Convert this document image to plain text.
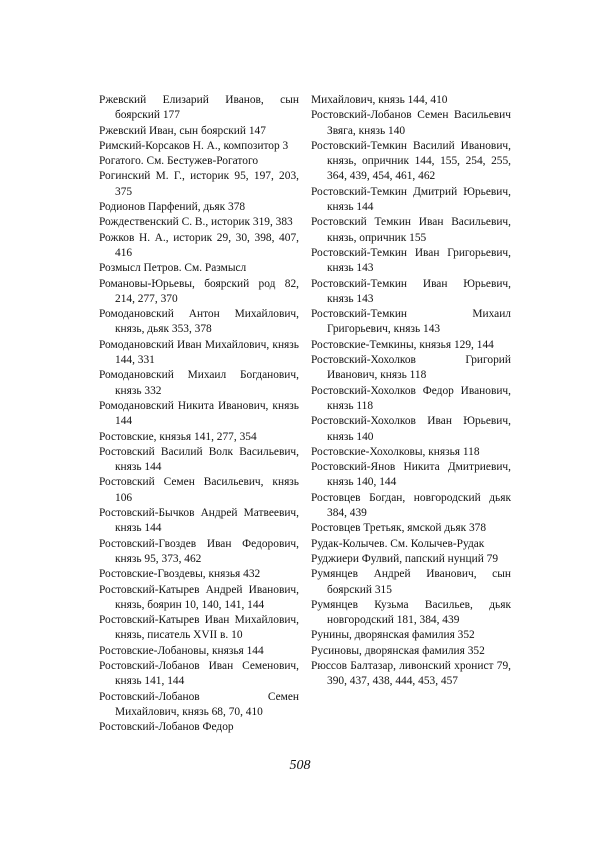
Ржевский Елизарий Иванов, сын боярский 177
Ржевский Иван, сын боярский 147
Римский-Корсаков Н. А., композитор 3
Рогатого. См. Бестужев-Рогатого
Рогинский М. Г., историк 95, 197, 203, 375
Родионов Парфений, дьяк 378
Рождественский С. В., историк 319, 383
Рожков Н. А., историк 29, 30, 398, 407, 416
Розмысл Петров. См. Размысл
Романовы-Юрьевы, боярский род 82, 214, 277, 370
Ромодановский Антон Михайлович, князь, дьяк 353, 378
Ромодановский Иван Михайлович, князь 144, 331
Ромодановский Михаил Богданович, князь 332
Ромодановский Никита Иванович, князь 144
Ростовские, князья 141, 277, 354
Ростовский Василий Волк Васильевич, князь 144
Ростовский Семен Васильевич, князь 106
Ростовский-Бычков Андрей Матвеевич, князь 144
Ростовский-Гвоздев Иван Федорович, князь 95, 373, 462
Ростовские-Гвоздевы, князья 432
Ростовский-Катырев Андрей Иванович, князь, боярин 10, 140, 141, 144
Ростовский-Катырев Иван Михайлович, князь, писатель XVII в. 10
Ростовские-Лобановы, князья 144
Ростовский-Лобанов Иван Семенович, князь 141, 144
Ростовский-Лобанов Семен Михайлович, князь 68, 70, 410
Ростовский-Лобанов Федор
Михайлович, князь 144, 410
Ростовский-Лобанов Семен Васильевич Звяга, князь 140
Ростовский-Темкин Василий Иванович, князь, опричник 144, 155, 254, 255, 364, 439, 454, 461, 462
Ростовский-Темкин Дмитрий Юрьевич, князь 144
Ростовский Темкин Иван Васильевич, князь, опричник 155
Ростовский-Темкин Иван Григорьевич, князь 143
Ростовский-Темкин Иван Юрьевич, князь 143
Ростовский-Темкин Михаил Григорьевич, князь 143
Ростовские-Темкины, князья 129, 144
Ростовский-Хохолков Григорий Иванович, князь 118
Ростовский-Хохолков Федор Иванович, князь 118
Ростовский-Хохолков Иван Юрьевич, князь 140
Ростовские-Хохолковы, князья 118
Ростовский-Янов Никита Дмитриевич, князь 140, 144
Ростовцев Богдан, новгородский дьяк 384, 439
Ростовцев Третьяк, ямской дьяк 378
Рудак-Колычев. См. Колычев-Рудак
Руджиери Фулвий, папский нунций 79
Румянцев Андрей Иванович, сын боярский 315
Румянцев Кузьма Васильев, дьяк новгородский 181, 384, 439
Рунины, дворянская фамилия 352
Русиновы, дворянская фамилия 352
Рюссов Балтазар, ливонский хронист 79, 390, 437, 438, 444, 453, 457
508
